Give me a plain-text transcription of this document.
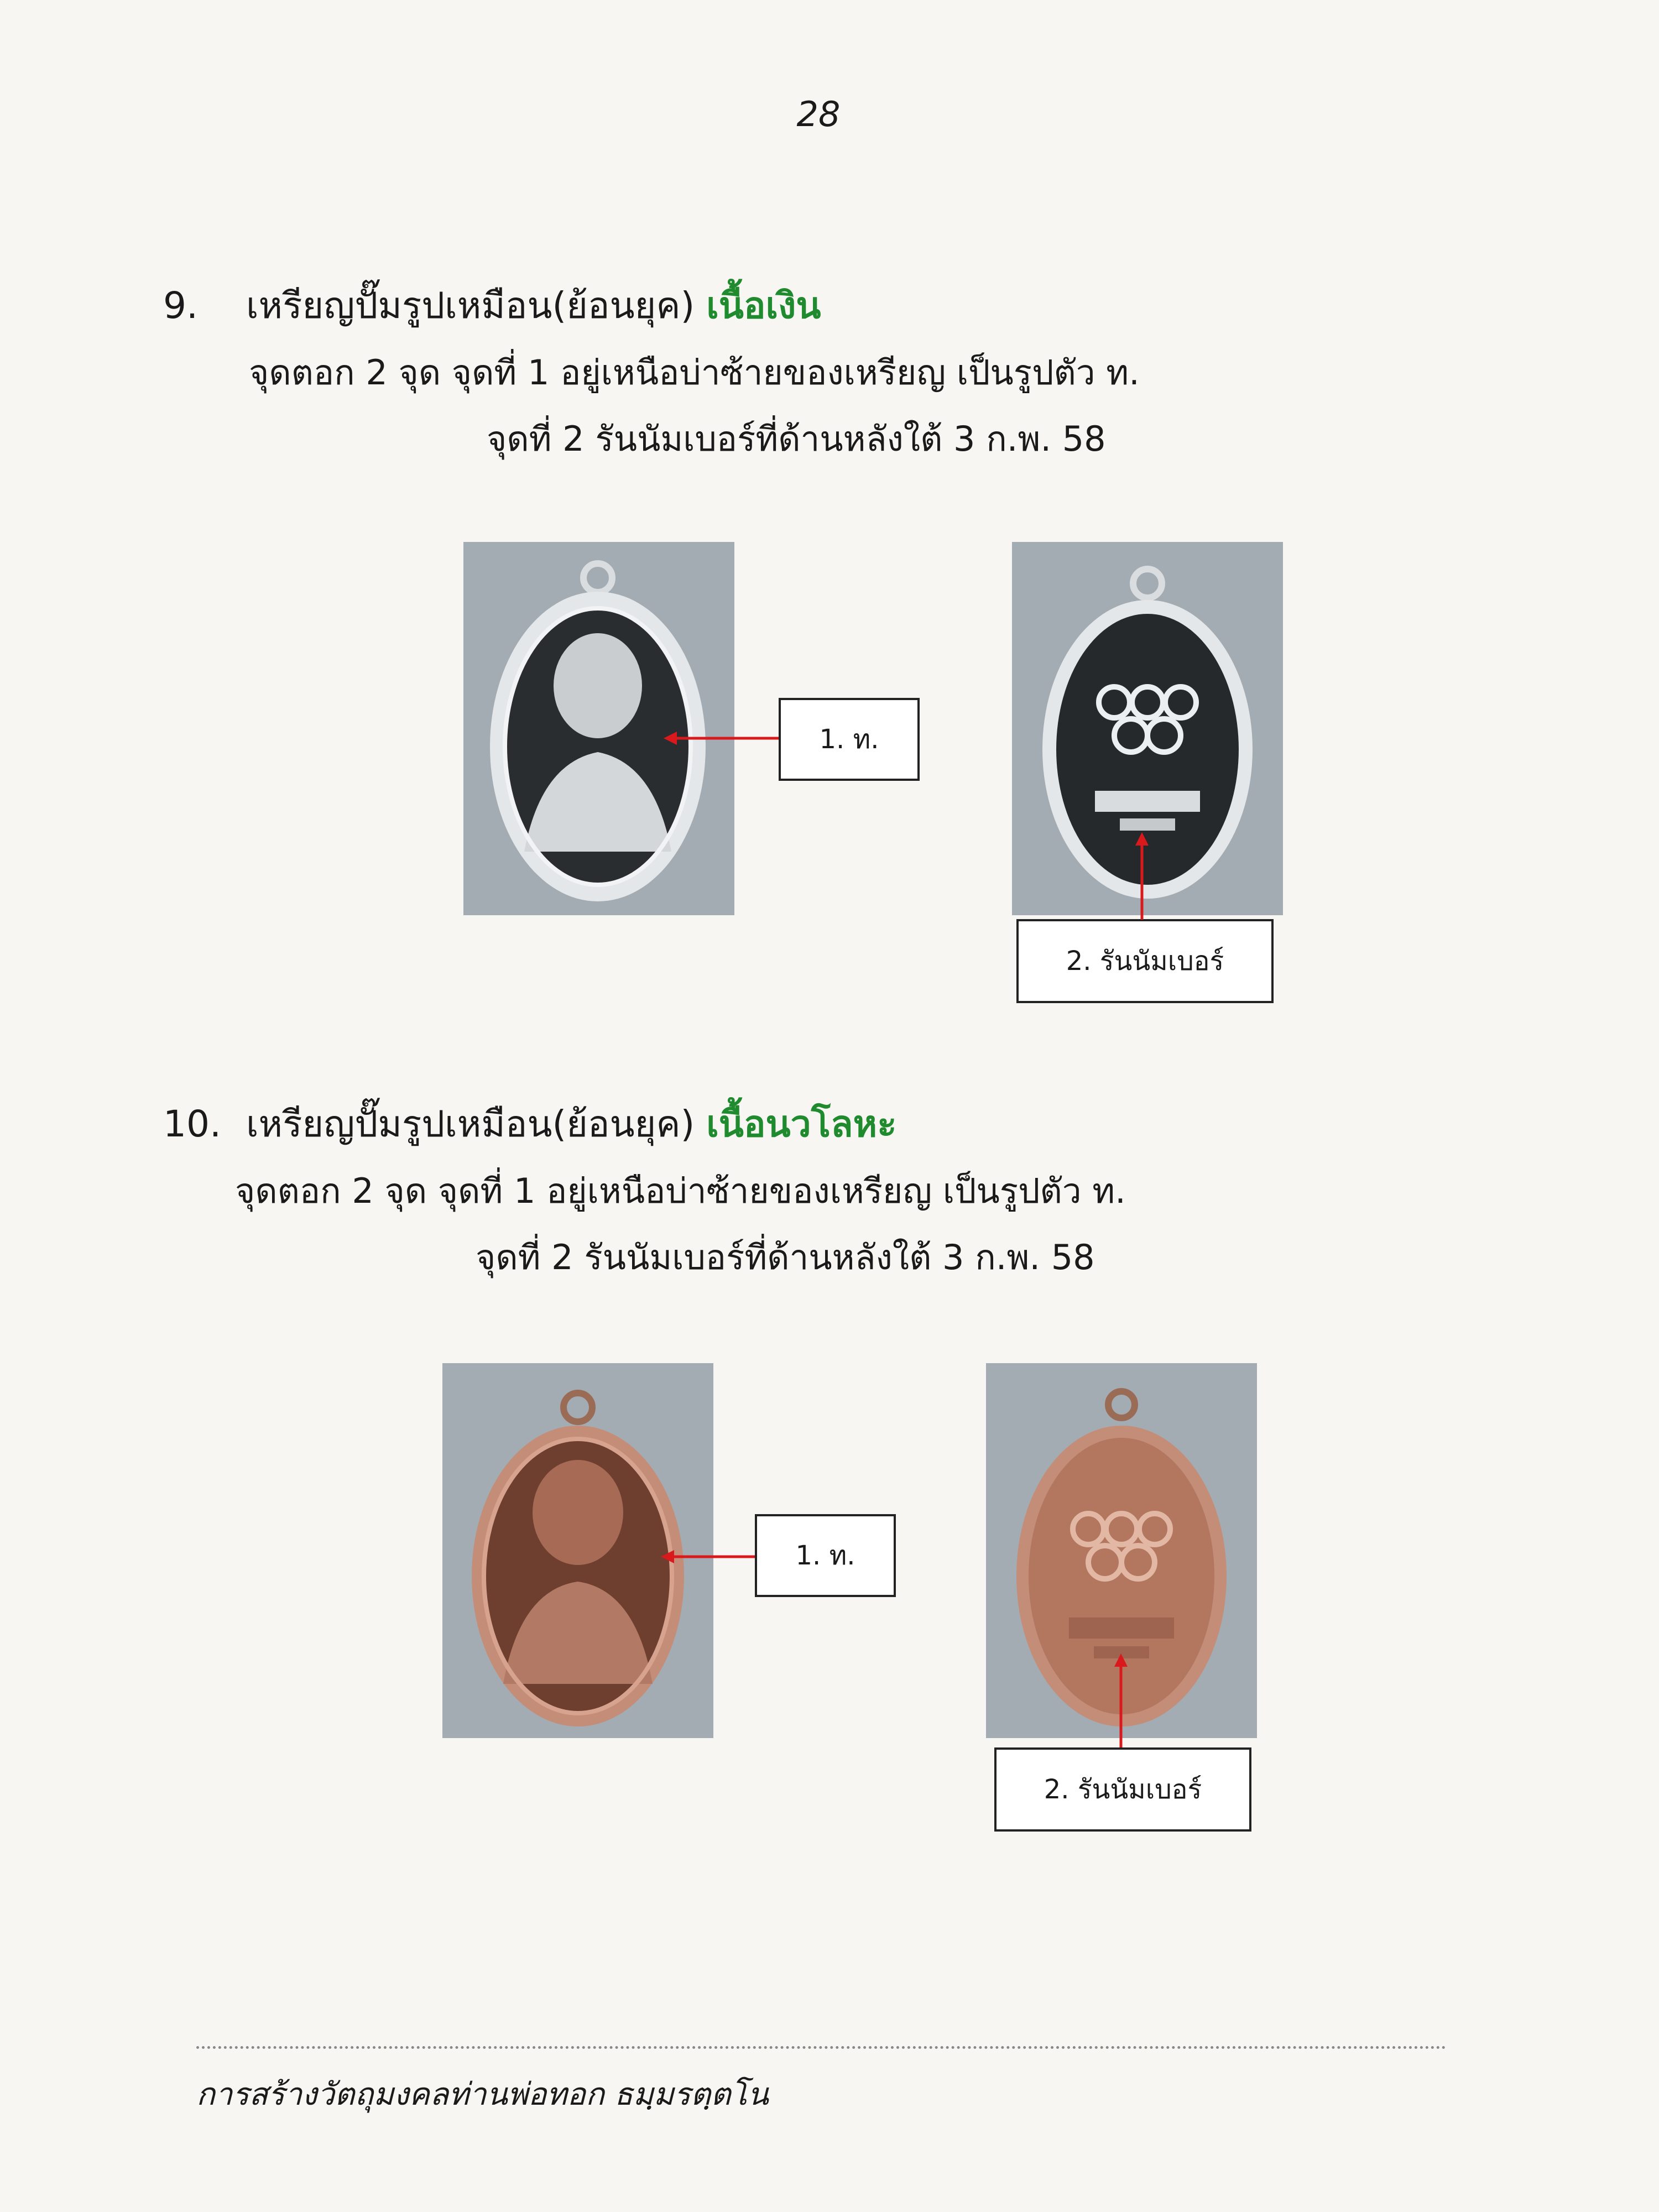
28
9. เหรียญปั๊มรูปเหมือน(ย้อนยุค) เนื้อเงิน
จุดตอก 2 จุด จุดที่ 1 อยู่เหนือบ่าซ้ายของเหรียญ เป็นรูปตัว ท.
จุดที่ 2 รันนัมเบอร์ที่ด้านหลังใต้ 3 ก.พ. 58
1. ท.
2. รันนัมเบอร์
10. เหรียญปั๊มรูปเหมือน(ย้อนยุค) เนื้อนวโลหะ
จุดตอก 2 จุด จุดที่ 1 อยู่เหนือบ่าซ้ายของเหรียญ เป็นรูปตัว ท.
จุดที่ 2 รันนัมเบอร์ที่ด้านหลังใต้ 3 ก.พ. 58
1. ท.
2. รันนัมเบอร์
การสร้างวัตถุมงคลท่านพ่อทอก ธมฺมรตฺตโน
